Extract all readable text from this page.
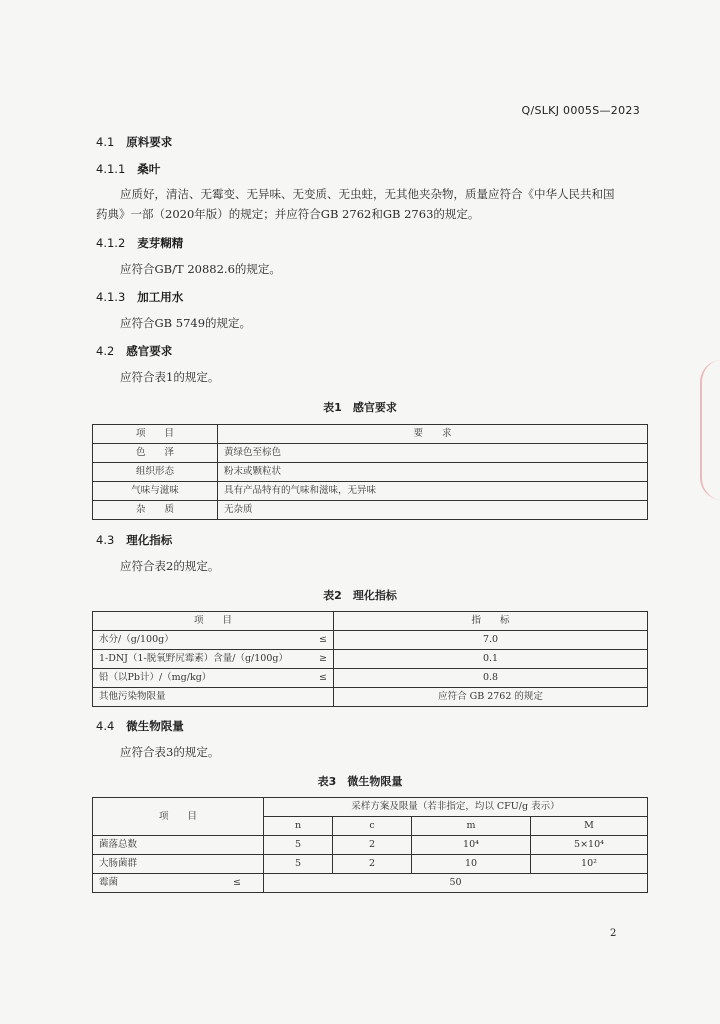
Q/SLKJ 0005S—2023
4.1 原料要求
4.1.1 桑叶
应质好，清洁、无霉变、无异味、无变质、无虫蛀，无其他夹杂物，质量应符合《中华人民共和国
药典》一部（2020年版）的规定；并应符合GB 2762和GB 2763的规定。
4.1.2 麦芽糊精
应符合GB/T 20882.6的规定。
4.1.3 加工用水
应符合GB 5749的规定。
4.2 感官要求
应符合表1的规定。
表1　感官要求
项　　目	要　　求
色　　泽	黄绿色至棕色
组织形态	粉末或颗粒状
气味与滋味	具有产品特有的气味和滋味，无异味
杂　　质	无杂质
4.3 理化指标
应符合表2的规定。
表2　理化指标
项　　目	指　　标
水分/（g/100g） ≤	7.0
1-DNJ（1-脱氧野尻霉素）含量/（g/100g） ≥	0.1
铅（以Pb计）/（mg/kg） ≤	0.8
其他污染物限量	应符合 GB 2762 的规定
4.4 微生物限量
应符合表3的规定。
表3　微生物限量
项　　目	采样方案及限量（若非指定，均以 CFU/g 表示）			
	n	c	m	M
菌落总数	5	2	10⁴	5×10⁴
大肠菌群	5	2	10	10²
霉菌 ≤	50			
2
